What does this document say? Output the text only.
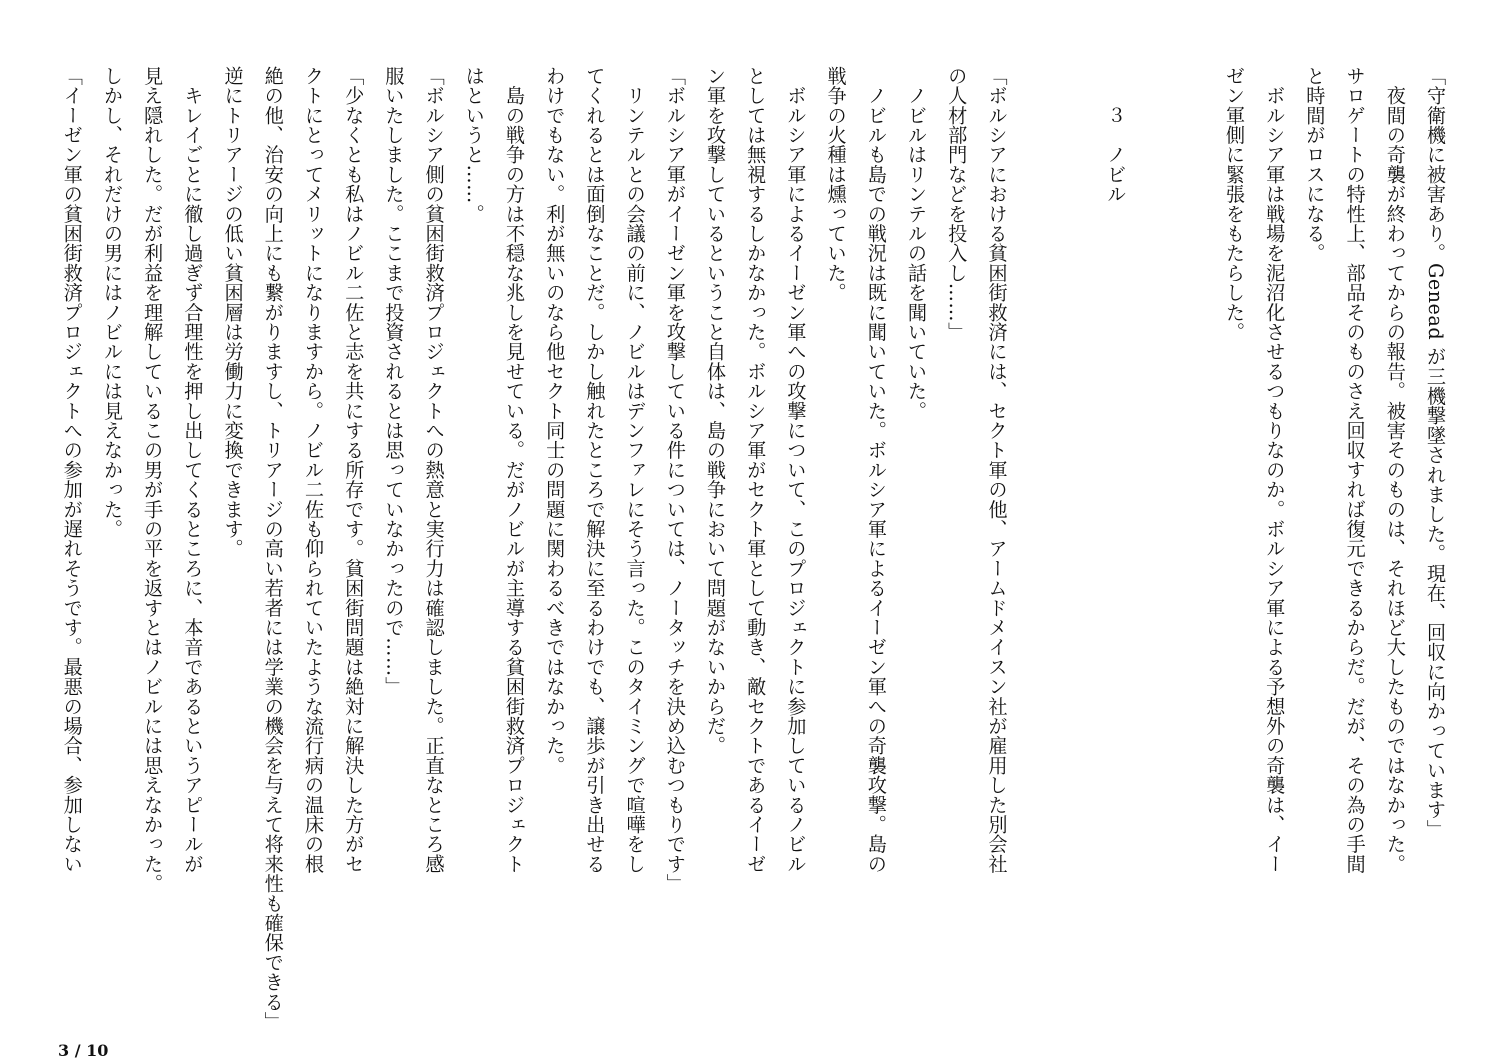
「守衛機に被害あり。Genead が三機撃墜されました。現在、回収に向かっています」

　夜間の奇襲が終わってからの報告。被害そのものは、それほど大したものではなかった。

サロゲートの特性上、部品そのものさえ回収すれば復元できるからだ。だが、その為の手間

と時間がロスになる。

　ボルシア軍は戦場を泥沼化させるつもりなのか。ボルシア軍による予想外の奇襲は、イー

ゼン軍側に緊張をもたらした。

　　３　ノビル

「ボルシアにおける貧困街救済には、セクト軍の他、アームドメイスン社が雇用した別会社

の人材部門などを投入し……」

　ノビルはリンテルの話を聞いていた。

　ノビルも島での戦況は既に聞いていた。ボルシア軍によるイーゼン軍への奇襲攻撃。島の

戦争の火種は燻っていた。

　ボルシア軍によるイーゼン軍への攻撃について、このプロジェクトに参加しているノビル

としては無視するしかなかった。ボルシア軍がセクト軍として動き、敵セクトであるイーゼ

ン軍を攻撃しているということ自体は、島の戦争において問題がないからだ。

「ボルシア軍がイーゼン軍を攻撃している件については、ノータッチを決め込むつもりです」

　リンテルとの会議の前に、ノビルはデンファレにそう言った。このタイミングで喧嘩をし

てくれるとは面倒なことだ。しかし触れたところで解決に至るわけでも、譲歩が引き出せる

わけでもない。利が無いのなら他セクト同士の問題に関わるべきではなかった。

　島の戦争の方は不穏な兆しを見せている。だがノビルが主導する貧困街救済プロジェクト

はというと……。

「ボルシア側の貧困街救済プロジェクトへの熱意と実行力は確認しました。正直なところ感

服いたしました。ここまで投資されるとは思っていなかったので……」

「少なくとも私はノビル二佐と志を共にする所存です。貧困街問題は絶対に解決した方がセ

クトにとってメリットになりますから。ノビル二佐も仰られていたような流行病の温床の根

絶の他、治安の向上にも繋がりますし、トリアージの高い若者には学業の機会を与えて将来性も確保できる」

逆にトリアージの低い貧困層は労働力に変換できます。

　キレイごとに徹し過ぎず合理性を押し出してくるところに、本音であるというアピールが

見え隠れした。だが利益を理解しているこの男が手の平を返すとはノビルには思えなかった。

しかし、それだけの男にはノビルには見えなかった。

「イーゼン軍の貧困街救済プロジェクトへの参加が遅れそうです。最悪の場合、参加しない

3 / 10
